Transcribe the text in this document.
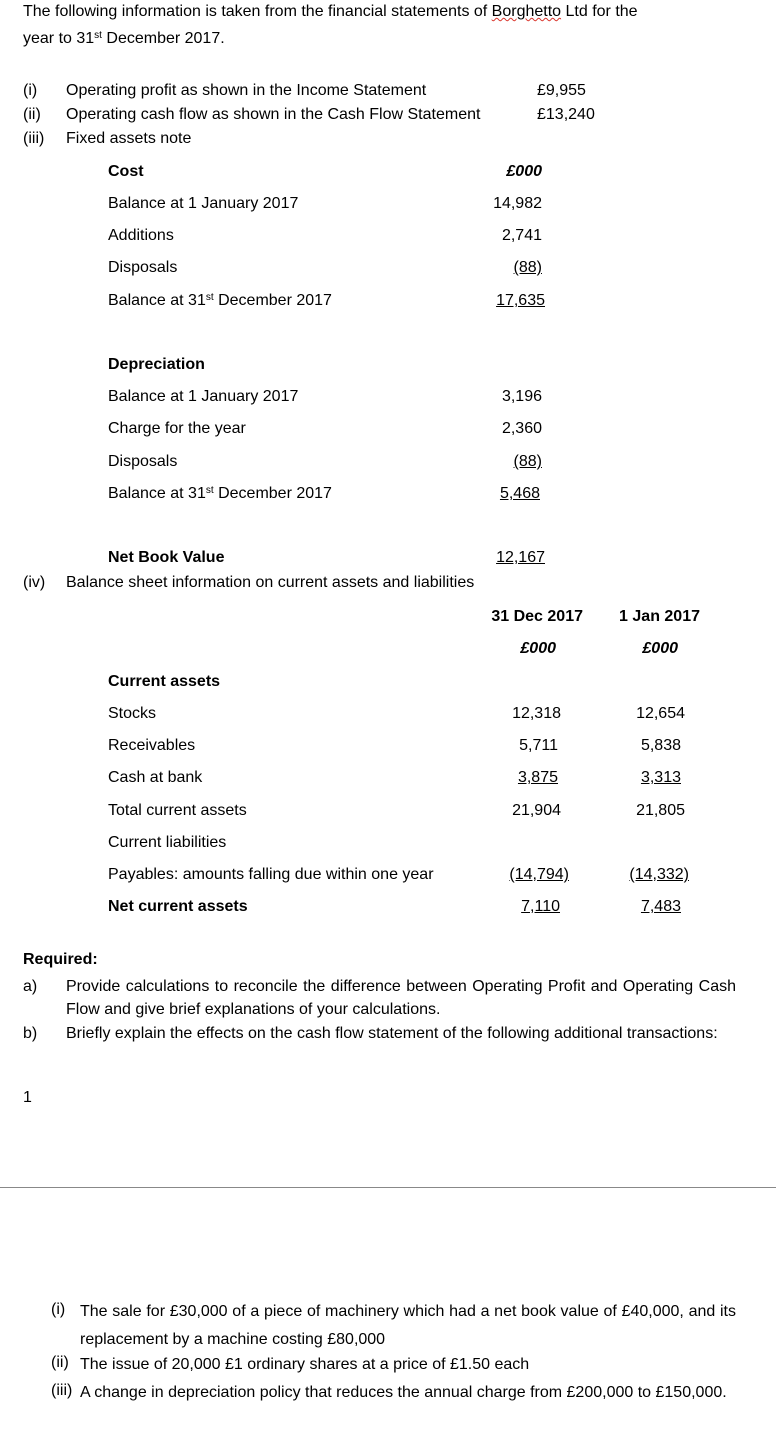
The following information is taken from the financial statements of Borghetto Ltd for the
year to 31st December 2017.
(i) Operating profit as shown in the Income Statement	£9,955
(ii) Operating cash flow as shown in the Cash Flow Statement	£13,240
(iii) Fixed assets note
Cost	£000
Balance at 1 January 2017	14,982
Additions	2,741
Disposals	(88)
Balance at 31st December 2017	17,635
Depreciation
Balance at 1 January 2017	3,196
Charge for the year	2,360
Disposals	(88)
Balance at 31st December 2017	5,468
Net Book Value	12,167
(iv) Balance sheet information on current assets and liabilities
31 Dec 2017	1 Jan 2017
£000	£000
Current assets
Stocks	12,318	12,654
Receivables	5,711	5,838
Cash at bank	3,875	3,313
Total current assets	21,904	21,805
Current liabilities
Payables: amounts falling due within one year	(14,794)	(14,332)
Net current assets	7,110	7,483
Required:
a) Provide calculations to reconcile the difference between Operating Profit and Operating Cash Flow and give brief explanations of your calculations.
b) Briefly explain the effects on the cash flow statement of the following additional transactions:
1
(i) The sale for £30,000 of a piece of machinery which had a net book value of £40,000, and its replacement by a machine costing £80,000
(ii) The issue of 20,000 £1 ordinary shares at a price of £1.50 each
(iii) A change in depreciation policy that reduces the annual charge from £200,000 to £150,000.
